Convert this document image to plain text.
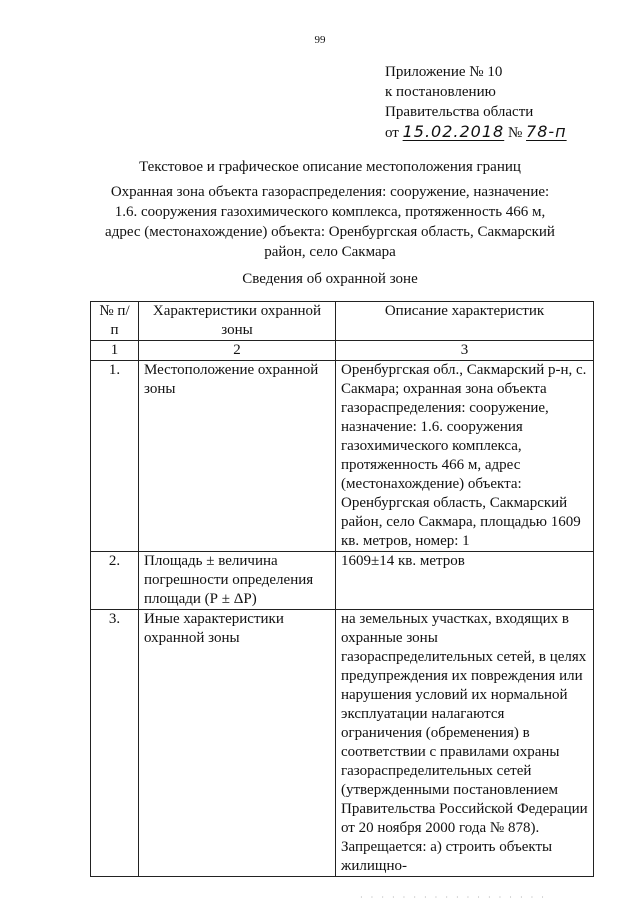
99
Приложение № 10
к постановлению
Правительства области
от 15.02.2018 № 78-п
Текстовое и графическое описание местоположения границ
Охранная зона объекта газораспределения: сооружение, назначение: 1.6. сооружения газохимического комплекса, протяженность 466 м, адрес (местонахождение) объекта: Оренбургская область, Сакмарский район, село Сакмара
Сведения об охранной зоне
№ п/п	Характеристики охранной зоны	Описание характеристик
1	2	3
1.	Местоположение охранной зоны	Оренбургская обл., Сакмарский р-н, с. Сакмара; охранная зона объекта газораспределения: сооружение, назначение: 1.6. сооружения газохимического комплекса, протяженность 466 м, адрес (местонахождение) объекта: Оренбургская область, Сакмарский район, село Сакмара, площадью 1609 кв. метров, номер: 1
2.	Площадь ± величина погрешности определения площади (Р ± ΔР)	1609±14 кв. метров
3.	Иные характеристики охранной зоны	на земельных участках, входящих в охранные зоны газораспределительных сетей, в целях предупреждения их повреждения или нарушения условий их нормальной эксплуатации налагаются ограничения (обременения) в соответствии с правилами охраны газораспределительных сетей (утвержденными постановлением Правительства Российской Федерации от 20 ноября 2000 года № 878). Запрещается: а) строить объекты жилищно-
· · · · · · · · · · · · · · · · · ·
